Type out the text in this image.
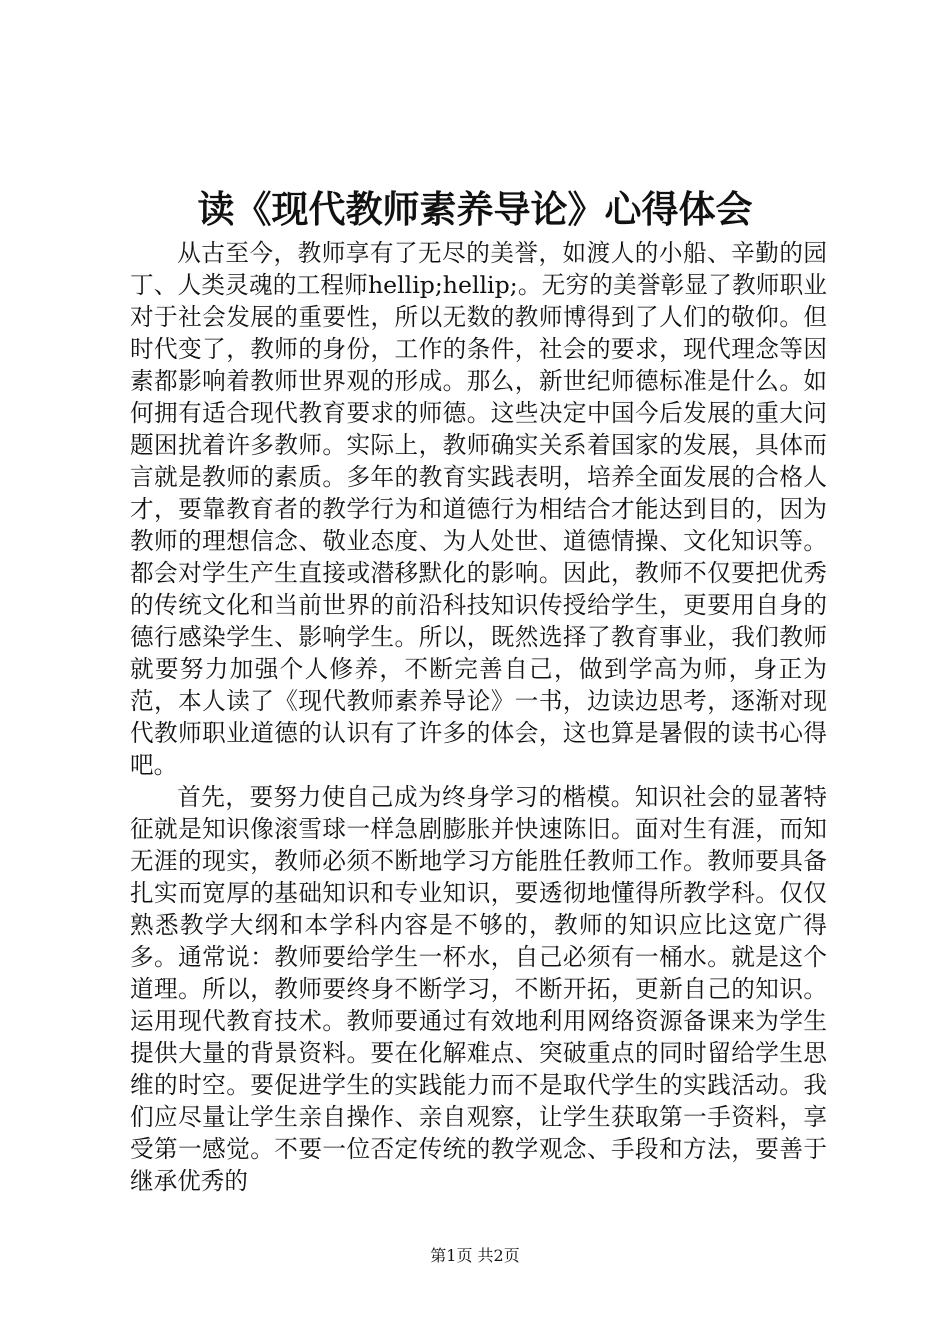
读《现代教师素养导论》心得体会

从古至今，教师享有了无尽的美誉，如渡人的小船、辛勤的园丁、人类灵魂的工程师hellip;hellip;。无穷的美誉彰显了教师职业对于社会发展的重要性，所以无数的教师博得到了人们的敬仰。但时代变了，教师的身份，工作的条件，社会的要求，现代理念等因素都影响着教师世界观的形成。那么，新世纪师德标准是什么。如何拥有适合现代教育要求的师德。这些决定中国今后发展的重大问题困扰着许多教师。实际上，教师确实关系着国家的发展，具体而言就是教师的素质。多年的教育实践表明，培养全面发展的合格人才，要靠教育者的教学行为和道德行为相结合才能达到目的，因为教师的理想信念、敬业态度、为人处世、道德情操、文化知识等。都会对学生产生直接或潜移默化的影响。因此，教师不仅要把优秀的传统文化和当前世界的前沿科技知识传授给学生，更要用自身的德行感染学生、影响学生。所以，既然选择了教育事业，我们教师就要努力加强个人修养，不断完善自己，做到学高为师，身正为范，本人读了《现代教师素养导论》一书，边读边思考，逐渐对现代教师职业道德的认识有了许多的体会，这也算是暑假的读书心得吧。

首先，要努力使自己成为终身学习的楷模。知识社会的显著特征就是知识像滚雪球一样急剧膨胀并快速陈旧。面对生有涯，而知无涯的现实，教师必须不断地学习方能胜任教师工作。教师要具备扎实而宽厚的基础知识和专业知识，要透彻地懂得所教学科。仅仅熟悉教学大纲和本学科内容是不够的，教师的知识应比这宽广得多。通常说：教师要给学生一杯水，自己必须有一桶水。就是这个道理。所以，教师要终身不断学习，不断开拓，更新自己的知识。运用现代教育技术。教师要通过有效地利用网络资源备课来为学生提供大量的背景资料。要在化解难点、突破重点的同时留给学生思维的时空。要促进学生的实践能力而不是取代学生的实践活动。我们应尽量让学生亲自操作、亲自观察，让学生获取第一手资料，享受第一感觉。不要一位否定传统的教学观念、手段和方法，要善于继承优秀的

第1页 共2页
